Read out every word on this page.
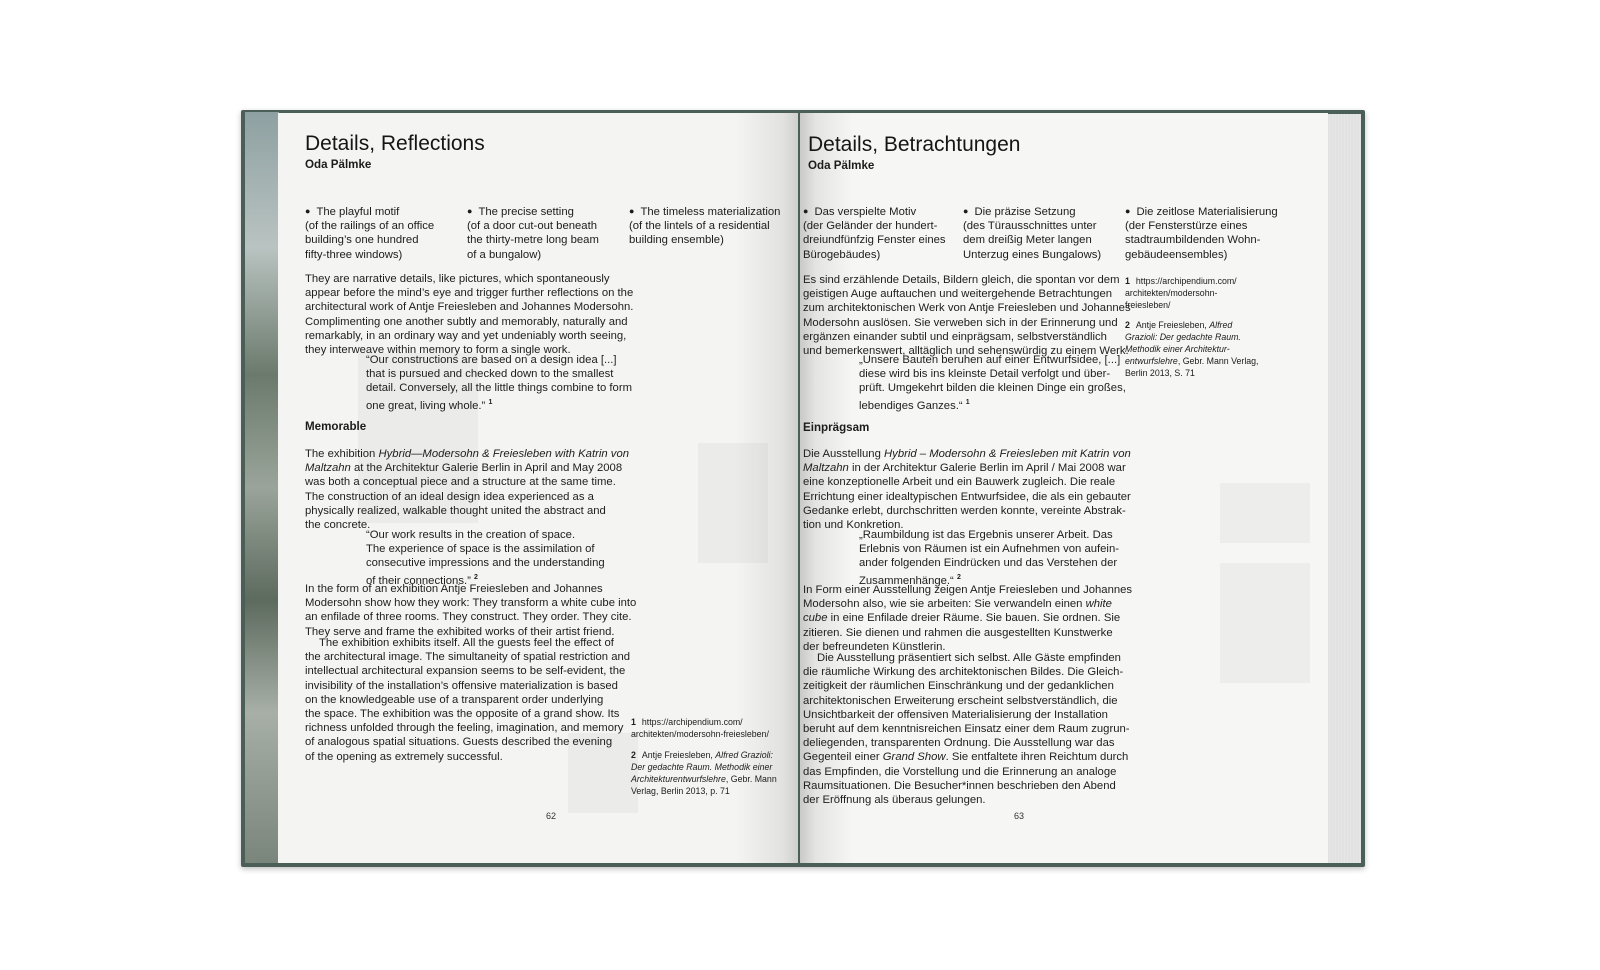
Details, Reflections
Oda Pälmke
● The playful motif
(of the railings of an office
building’s one hundred
fifty-three windows)
● The precise setting
(of a door cut-out beneath
the thirty-metre long beam
of a bungalow)
● The timeless materialization
(of the lintels of a residential
building ensemble)
They are narrative details, like pictures, which spontaneously
appear before the mind’s eye and trigger further reflections on the
architectural work of Antje Freiesleben and Johannes Modersohn.
Complimenting one another subtly and memorably, naturally and
remarkably, in an ordinary way and yet undeniably worth seeing,
they interweave within memory to form a single work.
“Our constructions are based on a design idea [...]
that is pursued and checked down to the smallest
detail. Conversely, all the little things combine to form
one great, living whole.” $^1$
Memorable
The exhibition Hybrid—Modersohn & Freiesleben with Katrin von
Maltzahn at the Architektur Galerie Berlin in April and May 2008
was both a conceptual piece and a structure at the same time.
The construction of an ideal design idea experienced as a
physically realized, walkable thought united the abstract and
the concrete.
“Our work results in the creation of space.
The experience of space is the assimilation of
consecutive impressions and the understanding
of their connections.” $^2$
In the form of an exhibition Antje Freiesleben and Johannes
Modersohn show how they work: They transform a white cube into
an enfilade of three rooms. They construct. They order. They cite.
They serve and frame the exhibited works of their artist friend.
The exhibition exhibits itself. All the guests feel the effect of
the architectural image. The simultaneity of spatial restriction and
intellectual architectural expansion seems to be self-evident, the
invisibility of the installation’s offensive materialization is based
on the knowledgeable use of a transparent order underlying
the space. The exhibition was the opposite of a grand show. Its
richness unfolded through the feeling, imagination, and memory
of analogous spatial situations. Guests described the evening
of the opening as extremely successful.
1 https://archipendium.com/
architekten/modersohn-freiesleben/
2 Antje Freiesleben, Alfred Grazioli:
Der gedachte Raum. Methodik einer
Architekturentwurfslehre, Gebr. Mann
Verlag, Berlin 2013, p. 71
62
Details, Betrachtungen
Oda Pälmke
● Das verspielte Motiv
(der Geländer der hundert-
dreiundfünfzig Fenster eines
Bürogebäudes)
● Die präzise Setzung
(des Türausschnittes unter
dem dreißig Meter langen
Unterzug eines Bungalows)
● Die zeitlose Materialisierung
(der Fensterstürze eines
stadtraumbildenden Wohn-
gebäudeensembles)
Es sind erzählende Details, Bildern gleich, die spontan vor dem
geistigen Auge auftauchen und weitergehende Betrachtungen
zum architektonischen Werk von Antje Freiesleben und Johannes
Modersohn auslösen. Sie verweben sich in der Erinnerung und
ergänzen einander subtil und einprägsam, selbstverständlich
und bemerkenswert, alltäglich und sehenswürdig zu einem Werk.
„Unsere Bauten beruhen auf einer Entwurfsidee, [...]
diese wird bis ins kleinste Detail verfolgt und über-
prüft. Umgekehrt bilden die kleinen Dinge ein großes,
lebendiges Ganzes.“ $^1$
Einprägsam
Die Ausstellung Hybrid – Modersohn & Freiesleben mit Katrin von
Maltzahn in der Architektur Galerie Berlin im April / Mai 2008 war
eine konzeptionelle Arbeit und ein Bauwerk zugleich. Die reale
Errichtung einer idealtypischen Entwurfsidee, die als ein gebauter
Gedanke erlebt, durchschritten werden konnte, vereinte Abstrak-
tion und Konkretion.
„Raumbildung ist das Ergebnis unserer Arbeit. Das
Erlebnis von Räumen ist ein Aufnehmen von aufein-
ander folgenden Eindrücken und das Verstehen der
Zusammenhänge.“ $^2$
In Form einer Ausstellung zeigen Antje Freiesleben und Johannes
Modersohn also, wie sie arbeiten: Sie verwandeln einen white
cube in eine Enfilade dreier Räume. Sie bauen. Sie ordnen. Sie
zitieren. Sie dienen und rahmen die ausgestellten Kunstwerke
der befreundeten Künstlerin.
Die Ausstellung präsentiert sich selbst. Alle Gäste empfinden
die räumliche Wirkung des architektonischen Bildes. Die Gleich-
zeitigkeit der räumlichen Einschränkung und der gedanklichen
architektonischen Erweiterung erscheint selbstverständlich, die
Unsichtbarkeit der offensiven Materialisierung der Installation
beruht auf dem kenntnisreichen Einsatz einer dem Raum zugrun-
deliegenden, transparenten Ordnung. Die Ausstellung war das
Gegenteil einer Grand Show. Sie entfaltete ihren Reichtum durch
das Empfinden, die Vorstellung und die Erinnerung an analoge
Raumsituationen. Die Besucher*innen beschrieben den Abend
der Eröffnung als überaus gelungen.
1 https://archipendium.com/
architekten/modersohn-
freiesleben/
2 Antje Freiesleben, Alfred
Grazioli: Der gedachte Raum.
Methodik einer Architektur-
entwurfslehre, Gebr. Mann Verlag,
Berlin 2013, S. 71
63
